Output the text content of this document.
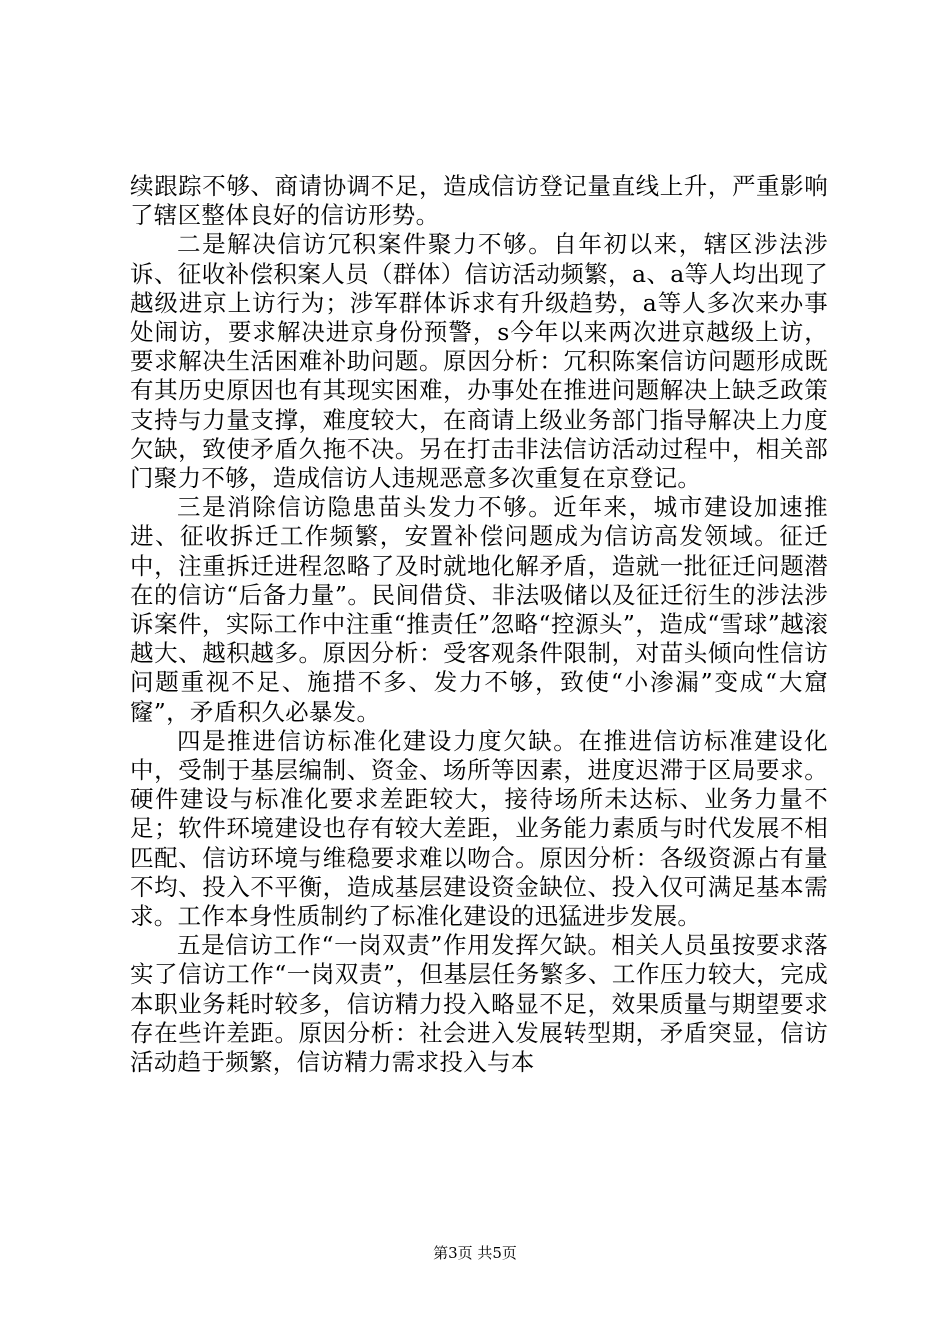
续跟踪不够、商请协调不足，造成信访登记量直线上升，严重影响了辖区整体良好的信访形势。

二是解决信访冗积案件聚力不够。自年初以来，辖区涉法涉诉、征收补偿积案人员（群体）信访活动频繁，a、a等人均出现了越级进京上访行为；涉军群体诉求有升级趋势，a等人多次来办事处闹访，要求解决进京身份预警，s今年以来两次进京越级上访，要求解决生活困难补助问题。原因分析：冗积陈案信访问题形成既有其历史原因也有其现实困难，办事处在推进问题解决上缺乏政策支持与力量支撑，难度较大，在商请上级业务部门指导解决上力度欠缺，致使矛盾久拖不决。另在打击非法信访活动过程中，相关部门聚力不够，造成信访人违规恶意多次重复在京登记。

三是消除信访隐患苗头发力不够。近年来，城市建设加速推进、征收拆迁工作频繁，安置补偿问题成为信访高发领域。征迁中，注重拆迁进程忽略了及时就地化解矛盾，造就一批征迁问题潜在的信访“后备力量”。民间借贷、非法吸储以及征迁衍生的涉法涉诉案件，实际工作中注重“推责任”忽略“控源头”，造成“雪球”越滚越大、越积越多。原因分析：受客观条件限制，对苗头倾向性信访问题重视不足、施措不多、发力不够，致使“小渗漏”变成“大窟窿”，矛盾积久必暴发。

四是推进信访标准化建设力度欠缺。在推进信访标准建设化中，受制于基层编制、资金、场所等因素，进度迟滞于区局要求。硬件建设与标准化要求差距较大，接待场所未达标、业务力量不足；软件环境建设也存有较大差距，业务能力素质与时代发展不相匹配、信访环境与维稳要求难以吻合。原因分析：各级资源占有量不均、投入不平衡，造成基层建设资金缺位、投入仅可满足基本需求。工作本身性质制约了标准化建设的迅猛进步发展。

五是信访工作“一岗双责”作用发挥欠缺。相关人员虽按要求落实了信访工作“一岗双责”，但基层任务繁多、工作压力较大，完成本职业务耗时较多，信访精力投入略显不足，效果质量与期望要求存在些许差距。原因分析：社会进入发展转型期，矛盾突显，信访活动趋于频繁，信访精力需求投入与本

第3页 共5页
